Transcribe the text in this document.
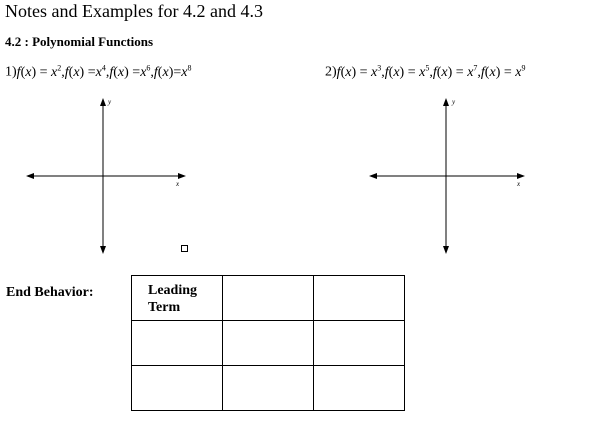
Notes and Examples for 4.2 and 4.3
4.2 : Polynomial Functions
$1)f(x) = x^2,f(x) =x^4,f(x) =x^6,f(x)=x^8$	$2)f(x) = x^3,f(x) = x^5,f(x) = x^7,f(x) = x^9$
x
y
x
y
End Behavior:	Leading
Term		
